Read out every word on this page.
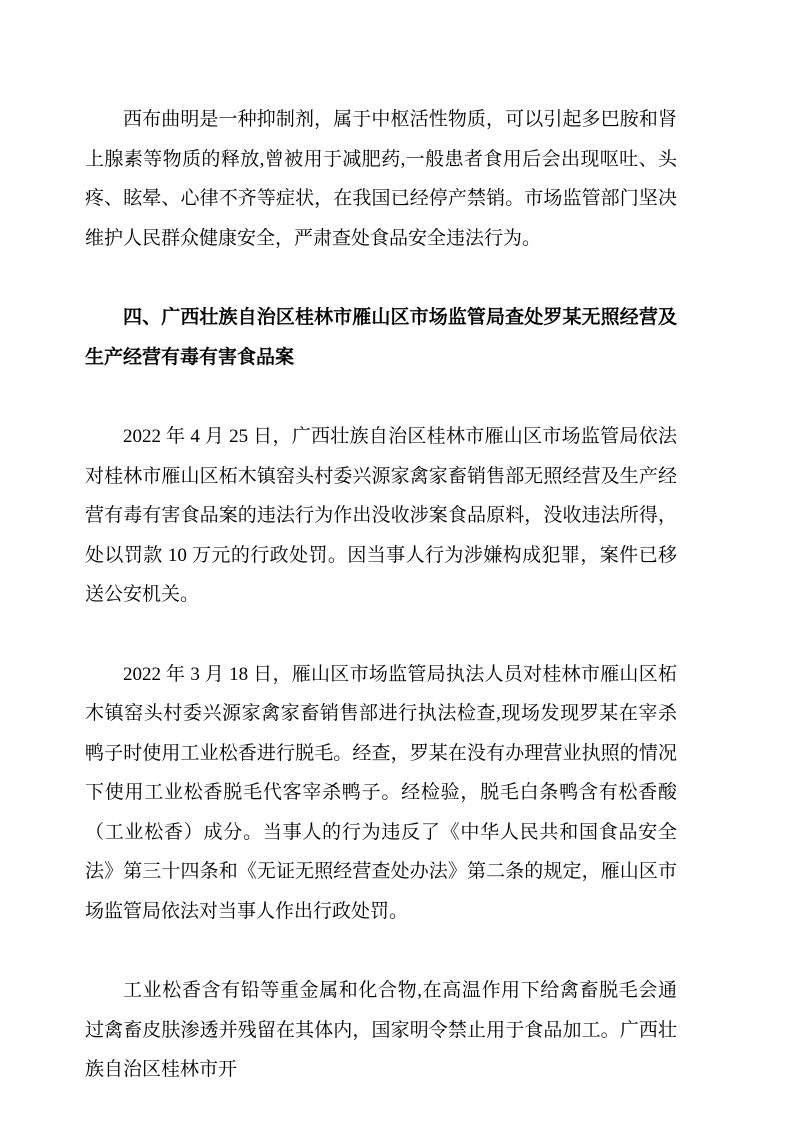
西布曲明是一种抑制剂，属于中枢活性物质，可以引起多巴胺和肾上腺素等物质的释放,曾被用于减肥药,一般患者食用后会出现呕吐、头疼、眩晕、心律不齐等症状，在我国已经停产禁销。市场监管部门坚决维护人民群众健康安全，严肃查处食品安全违法行为。

四、广西壮族自治区桂林市雁山区市场监管局查处罗某无照经营及生产经营有毒有害食品案

2022 年 4 月 25 日，广西壮族自治区桂林市雁山区市场监管局依法对桂林市雁山区柘木镇窑头村委兴源家禽家畜销售部无照经营及生产经营有毒有害食品案的违法行为作出没收涉案食品原料，没收违法所得，处以罚款 10 万元的行政处罚。因当事人行为涉嫌构成犯罪，案件已移送公安机关。

2022 年 3 月 18 日，雁山区市场监管局执法人员对桂林市雁山区柘木镇窑头村委兴源家禽家畜销售部进行执法检查,现场发现罗某在宰杀鸭子时使用工业松香进行脱毛。经查，罗某在没有办理营业执照的情况下使用工业松香脱毛代客宰杀鸭子。经检验，脱毛白条鸭含有松香酸（工业松香）成分。当事人的行为违反了《中华人民共和国食品安全法》第三十四条和《无证无照经营查处办法》第二条的规定，雁山区市场监管局依法对当事人作出行政处罚。

工业松香含有铅等重金属和化合物,在高温作用下给禽畜脱毛会通过禽畜皮肤渗透并残留在其体内，国家明令禁止用于食品加工。广西壮族自治区桂林市开
